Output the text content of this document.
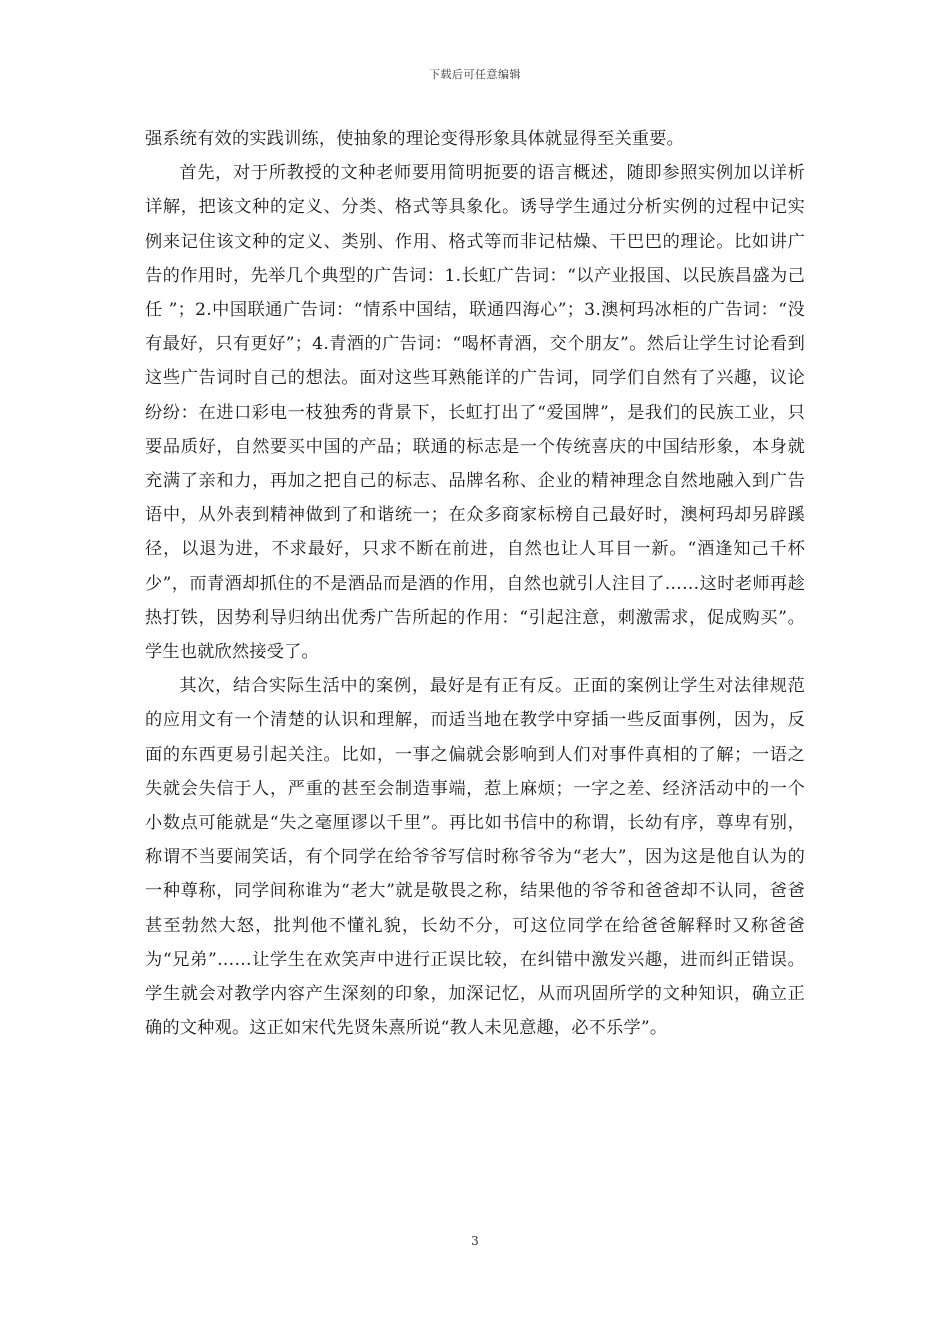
下载后可任意编辑

强系统有效的实践训练，使抽象的理论变得形象具体就显得至关重要。

首先，对于所教授的文种老师要用简明扼要的语言概述，随即参照实例加以详析详解，把该文种的定义、分类、格式等具象化。诱导学生通过分析实例的过程中记实例来记住该文种的定义、类别、作用、格式等而非记枯燥、干巴巴的理论。比如讲广告的作用时，先举几个典型的广告词：1.长虹广告词：“以产业报国、以民族昌盛为己任 ”；2.中国联通广告词：“情系中国结，联通四海心”；3.澳柯玛冰柜的广告词：“没有最好，只有更好”；4.青酒的广告词：“喝杯青酒，交个朋友”。然后让学生讨论看到这些广告词时自己的想法。面对这些耳熟能详的广告词，同学们自然有了兴趣，议论纷纷：在进口彩电一枝独秀的背景下，长虹打出了“爱国牌”，是我们的民族工业，只要品质好，自然要买中国的产品；联通的标志是一个传统喜庆的中国结形象，本身就充满了亲和力，再加之把自己的标志、品牌名称、企业的精神理念自然地融入到广告语中，从外表到精神做到了和谐统一；在众多商家标榜自己最好时，澳柯玛却另辟蹊径，以退为进，不求最好，只求不断在前进，自然也让人耳目一新。“酒逢知己千杯少”，而青酒却抓住的不是酒品而是酒的作用，自然也就引人注目了……这时老师再趁热打铁，因势利导归纳出优秀广告所起的作用：“引起注意，刺激需求，促成购买”。学生也就欣然接受了。

其次，结合实际生活中的案例，最好是有正有反。正面的案例让学生对法律规范的应用文有一个清楚的认识和理解，而适当地在教学中穿插一些反面事例，因为，反面的东西更易引起关注。比如，一事之偏就会影响到人们对事件真相的了解；一语之失就会失信于人，严重的甚至会制造事端，惹上麻烦；一字之差、经济活动中的一个小数点可能就是“失之毫厘谬以千里”。再比如书信中的称谓，长幼有序，尊卑有别，称谓不当要闹笑话，有个同学在给爷爷写信时称爷爷为“老大”，因为这是他自认为的一种尊称，同学间称谁为“老大”就是敬畏之称，结果他的爷爷和爸爸却不认同，爸爸甚至勃然大怒，批判他不懂礼貌，长幼不分，可这位同学在给爸爸解释时又称爸爸为“兄弟”……让学生在欢笑声中进行正误比较，在纠错中激发兴趣，进而纠正错误。学生就会对教学内容产生深刻的印象，加深记忆，从而巩固所学的文种知识，确立正确的文种观。这正如宋代先贤朱熹所说“教人未见意趣，必不乐学”。

3
